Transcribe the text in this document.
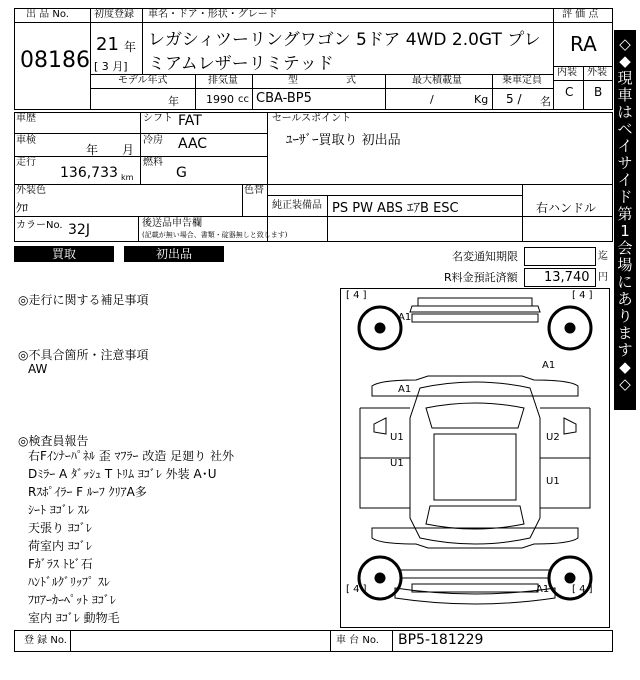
出 品 No.
08186
初度登録
21 年
[ 3 月]
車名・ドア・形状・グレード
レガシィツーリングワゴン 5ドア 4WD 2.0GT プレ
ミアムレザーリミテッド
モデル年式
年
排気量
1990 cc
型	式
CBA-BP5
最大積載量
/	Kg
乗車定員
5 / 名
評 価 点
RA
内装 外装
C B
車歴	シフト FAT
車検
年 月
冷房 AAC
走行
136,733 km
燃料
G
セールスポイント
ﾕｰｻﾞｰ買取り 初出品
外装色
ｸﾛ
色替
純正装備品 PS PW ABS ｴｱB ESC	右ハンドル
カラーNo. 32J	後送品申告欄
(記載が無い場合、書類・碇器無しと致します)
買取	初出品	名変通知期限	迄
R料金預託済額 13,740 円
◎走行に関する補足事項
◎不具合箇所・注意事項
AW
◎検査員報告
右Fｲﾝﾅｰﾊﾟﾈﾙ 歪 ﾏﾌﾗｰ 改造 足廻り 社外
Dﾐﾗｰ A ﾀﾞｯｼｭ T ﾄﾘﾑ ﾖｺﾞﾚ 外装 A･U
Rｽﾎﾟｲﾗｰ F ﾙｰﾌ ｸﾘｱA多
ｼｰﾄ ﾖｺﾞﾚ ｽﾚ
天張り ﾖｺﾞﾚ
荷室内 ﾖｺﾞﾚ
Fｶﾞﾗｽ ﾄﾋﾞ石
ﾊﾝﾄﾞﾙｸﾞﾘｯﾌﾟ ｽﾚ
ﾌﾛｱｰｶｰﾍﾟｯﾄ ﾖｺﾞﾚ
室内 ﾖｺﾞﾚ 動物毛
[ 4 ]	[ 4 ]
[ 4 ]	[ 4 ]
A1
A1
A1
U1
U1
U2
U1
A1
登 録 No.	車 台 No. BP5-181229
◇◆現車はベイサイド第1会場にあります◆◇
